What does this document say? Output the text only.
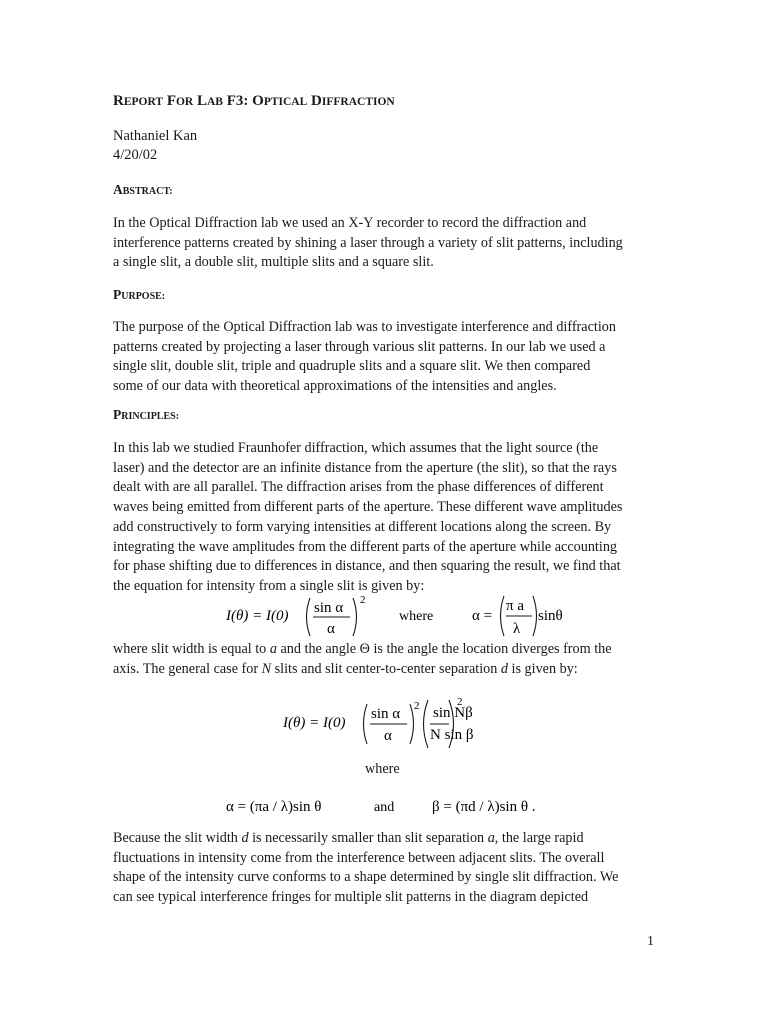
REPORT FOR LAB F3: OPTICAL DIFFRACTION
Nathaniel Kan
4/20/02
ABSTRACT:
In the Optical Diffraction lab we used an X-Y recorder to record the diffraction and
interference patterns created by shining a laser through a variety of slit patterns, including
a single slit, a double slit, multiple slits and a square slit.
PURPOSE:
The purpose of the Optical Diffraction lab was to investigate interference and diffraction
patterns created by projecting a laser through various slit patterns. In our lab we used a
single slit, double slit, triple and quadruple slits and a square slit. We then compared
some of our data with theoretical approximations of the intensities and angles.
PRINCIPLES:
In this lab we studied Fraunhofer diffraction, which assumes that the light source (the
laser) and the detector are an infinite distance from the aperture (the slit), so that the rays
dealt with are all parallel. The diffraction arises from the phase differences of different
waves being emitted from different parts of the aperture. These different wave amplitudes
add constructively to form varying intensities at different locations along the screen. By
integrating the wave amplitudes from the different parts of the aperture while accounting
for phase shifting due to differences in distance, and then squaring the result, we find that
the equation for intensity from a single slit is given by:
I(θ) = I(0) sin α
α
2
where	α =
π a
λ
sinθ
where slit width is equal to a and the angle Θ is the angle the location diverges from the
axis. The general case for N slits and slit center-to-center separation d is given by:
I(θ) = I(0)
sin α
α
2 sin Nβ
N sin β
2
where
α = (πa / λ)sin θ	and	β = (πd / λ)sin θ .
Because the slit width d is necessarily smaller than slit separation a, the large rapid
fluctuations in intensity come from the interference between adjacent slits. The overall
shape of the intensity curve conforms to a shape determined by single slit diffraction. We
can see typical interference fringes for multiple slit patterns in the diagram depicted
1
